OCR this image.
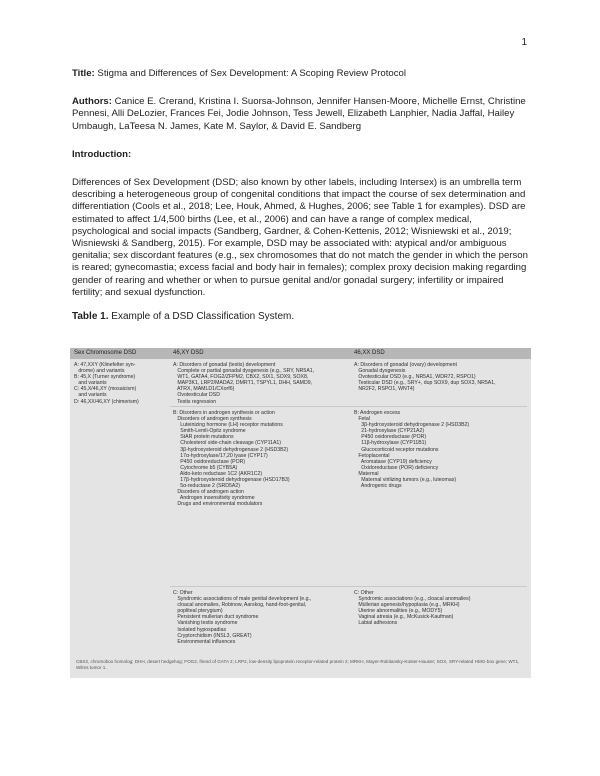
1

Title: Stigma and Differences of Sex Development: A Scoping Review Protocol

Authors: Canice E. Crerand, Kristina I. Suorsa-Johnson, Jennifer Hansen-Moore, Michelle Ernst, Christine Pennesi, Alli DeLozier, Frances Fei, Jodie Johnson, Tess Jewell, Elizabeth Lanphier, Nadia Jaffal, Hailey Umbaugh, LaTeesa N. James, Kate M. Saylor, & David E. Sandberg

Introduction:

Differences of Sex Development (DSD; also known by other labels, including Intersex) is an umbrella term describing a heterogeneous group of congenital conditions that impact the course of sex determination and differentiation (Cools et al., 2018; Lee, Houk, Ahmed, & Hughes, 2006; see Table 1 for examples). DSD are estimated to affect 1/4,500 births (Lee, et al., 2006) and can have a range of complex medical, psychological and social impacts (Sandberg, Gardner, & Cohen-Kettenis, 2012; Wisniewski et al., 2019; Wisniewski & Sandberg, 2015). For example, DSD may be associated with: atypical and/or ambiguous genitalia; sex discordant features (e.g., sex chromosomes that do not match the gender in which the person is reared; gynecomastia; excess facial and body hair in females); complex proxy decision making regarding gender of rearing and whether or when to pursue genital and/or gonadal surgery; infertility or impaired fertility; and sexual dysfunction.

Table 1. Example of a DSD Classification System.

Sex Chromosome DSD	46,XY DSD	46,XX DSD
A: 47,XXY (Klinefelter syn-
drome) and variants
B: 45,X (Turner syndrome)
and variants
C: 45,X/46,XY (mosaicism)
and variants
D: 46,XX/46,XY (chimerism)
A: Disorders of gonadal (testis) development
Complete or partial gonadal dysgenesis (e.g., SRY, NR5A1,
WT1, GATA4, FOG2/ZFPM2, CBX2, SIX1, SOX9, SOX8,
MAP3K1, LRP2/MADA2, DMRT1, TSPYL1, DHH, SAMD9,
ATRX, MAMLD1/CXorf6)
Ovotesticular DSD
Testis regression
A: Disorders of gonadal (ovary) development
Gonadal dysgenesis
Ovotesticular DSD (e.g., NR5A1, WDR72, RSPO1)
Testicular DSD (e.g., SRY+, dup SOX9, dup SOX3, NR5A1,
NR2F2, RSPO1, WNT4)
B: Disorders in androgen synthesis or action
Disorders of androgen synthesis
Luteinizing hormone (LH) receptor mutations
Smith-Lemli-Opitz syndrome
StAR protein mutations
Cholesterol side-chain cleavage (CYP11A1)
3β-hydroxysteroid dehydrogenase 2 (HSD3B2)
17α-hydroxylase/17,20 lyase (CYP17)
P450 oxidoreductase (POR)
Cytochrome b5 (CYB5A)
Aldo-keto reductase 1C2 (AKR1C2)
17β-hydroxysteroid dehydrogenase (HSD17B3)
5α-reductase 2 (SRD5A2)
Disorders of androgen action
Androgen insensitivity syndrome
Drugs and environmental modulators
B: Androgen excess
Fetal
3β-hydroxysteroid dehydrogenase 2 (HSD3B2)
21-hydroxylase (CYP21A2)
P450 oxidoreductase (POR)
11β-hydroxylase (CYP11B1)
Glucocorticoid receptor mutations
Fetoplacental
Aromatase (CYP19) deficiency
Oxidoreductase (POR) deficiency
Maternal
Maternal virilizing tumors (e.g., luteomas)
Androgenic drugs
C: Other
Syndromic associations of male genital development (e.g.,
cloacal anomalies, Robinow, Aarskog, hand-foot-genital,
popliteal pterygium)
Persistent mullerian duct syndrome
Vanishing testis syndrome
Isolated hypospadias
Cryptorchidism (INSL3, GREAT)
Environmental influences
C: Other
Syndromic associations (e.g., cloacal anomalies)
Müllerian agenesis/hypoplasia (e.g., MRKH)
Uterine abnormalities (e.g., MODY5)
Vaginal atresia (e.g., McKusick-Kaufman)
Labial adhesions
CBX2, chromobox homolog; DHH, desert hedgehog; FOG2, friend of GATA 2; LRP2, low-density lipoprotein receptor-related protein 2; MRKH, Mayer-Rokitansky-Küster-Hauser; SOX, SRY-related HMG-box gene; WT1, Wilms tumor 1.
